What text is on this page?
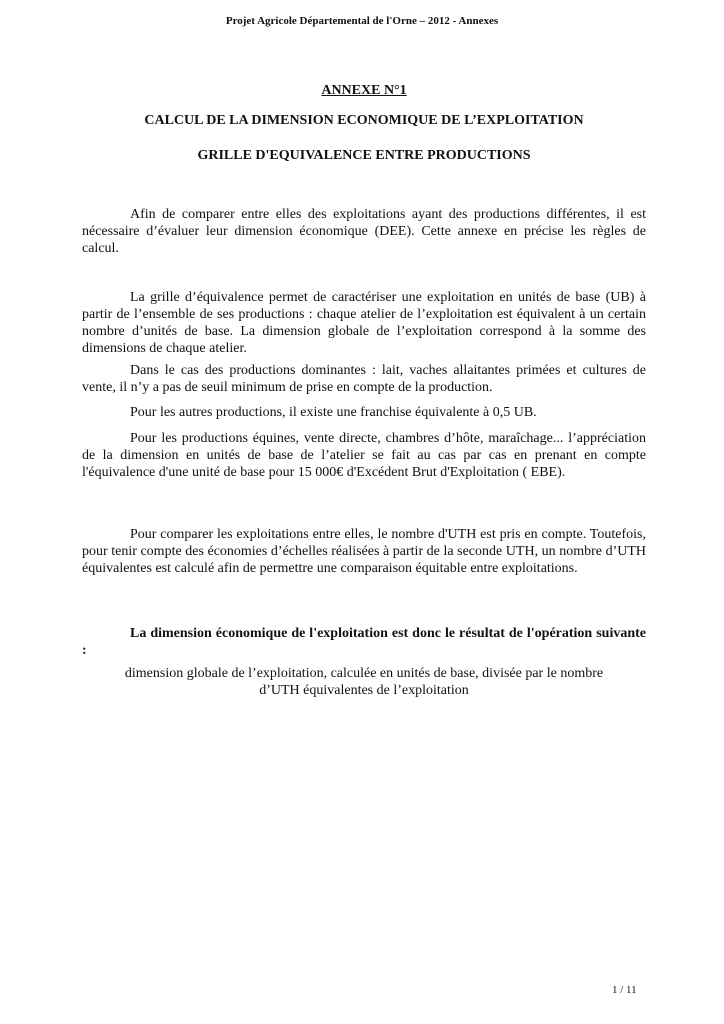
Projet Agricole Départemental de l'Orne – 2012 - Annexes
ANNEXE N°1
CALCUL DE LA DIMENSION ECONOMIQUE DE L’EXPLOITATION
GRILLE D'EQUIVALENCE ENTRE PRODUCTIONS

Afin de comparer entre elles des exploitations ayant des productions différentes, il est nécessaire d’évaluer leur dimension économique (DEE). Cette annexe en précise les règles de calcul.

La grille d’équivalence permet de caractériser une exploitation en unités de base (UB) à partir de l’ensemble de ses productions : chaque atelier de l’exploitation est équivalent à un certain nombre d’unités de base. La dimension globale de l’exploitation correspond à la somme des dimensions de chaque atelier.

Dans le cas des productions dominantes : lait, vaches allaitantes primées et cultures de vente, il n’y a pas de seuil minimum de prise en compte de la production.

Pour les autres productions, il existe une franchise équivalente à 0,5 UB.

Pour les productions équines, vente directe, chambres d’hôte, maraîchage... l’appréciation de la dimension en unités de base de l’atelier se fait au cas par cas en prenant en compte l'équivalence d'une unité de base pour 15 000€ d'Excédent Brut d'Exploitation ( EBE).

Pour comparer les exploitations entre elles, le nombre d'UTH est pris en compte. Toutefois, pour tenir compte des économies d’échelles réalisées à partir de la seconde UTH, un nombre d’UTH équivalentes est calculé afin de permettre une comparaison équitable entre exploitations.

La dimension économique de l'exploitation est donc le résultat de l'opération suivante :

dimension globale de l’exploitation, calculée en unités de base, divisée par le nombre
d’UTH équivalentes de l’exploitation
1 / 11
